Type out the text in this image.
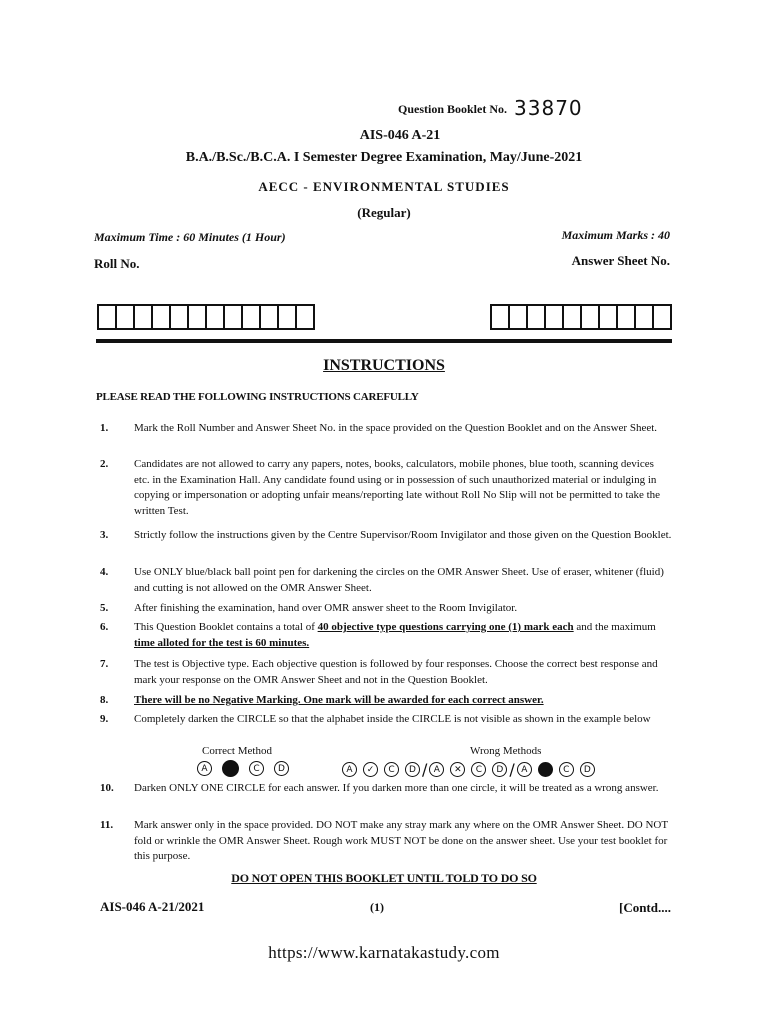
Question Booklet No. 33870
AIS-046 A-21
B.A./B.Sc./B.C.A. I Semester Degree Examination, May/June-2021
AECC - ENVIRONMENTAL STUDIES
(Regular)
Maximum Time : 60 Minutes (1 Hour)	Maximum Marks : 40
Roll No.	Answer Sheet No.
INSTRUCTIONS
PLEASE READ THE FOLLOWING INSTRUCTIONS CAREFULLY
1. Mark the Roll Number and Answer Sheet No. in the space provided on the Question Booklet and on the Answer Sheet.
2. Candidates are not allowed to carry any papers, notes, books, calculators, mobile phones, blue tooth, scanning devices etc. in the Examination Hall. Any candidate found using or in possession of such unauthorized material or indulging in copying or impersonation or adopting unfair means/reporting late without Roll No Slip will not be permitted to take the written Test.
3. Strictly follow the instructions given by the Centre Supervisor/Room Invigilator and those given on the Question Booklet.
4. Use ONLY blue/black ball point pen for darkening the circles on the OMR Answer Sheet. Use of eraser, whitener (fluid) and cutting is not allowed on the OMR Answer Sheet.
5. After finishing the examination, hand over OMR answer sheet to the Room Invigilator.
6. This Question Booklet contains a total of 40 objective type questions carrying one (1) mark each and the maximum time alloted for the test is 60 minutes.
7. The test is Objective type. Each objective question is followed by four responses. Choose the correct best response and mark your response on the OMR Answer Sheet and not in the Question Booklet.
8. There will be no Negative Marking. One mark will be awarded for each correct answer.
9. Completely darken the CIRCLE so that the alphabet inside the CIRCLE is not visible as shown in the example below
Correct Method	Wrong Methods
A	C	D	A	✓	C	D / A	✕	C	D / A	C	D
10. Darken ONLY ONE CIRCLE for each answer. If you darken more than one circle, it will be treated as a wrong answer.
11. Mark answer only in the space provided. DO NOT make any stray mark any where on the OMR Answer Sheet. DO NOT fold or wrinkle the OMR Answer Sheet. Rough work MUST NOT be done on the answer sheet. Use your test booklet for this purpose.
DO NOT OPEN THIS BOOKLET UNTIL TOLD TO DO SO
AIS-046 A-21/2021	(1)	[Contd....
https://www.karnatakastudy.com
